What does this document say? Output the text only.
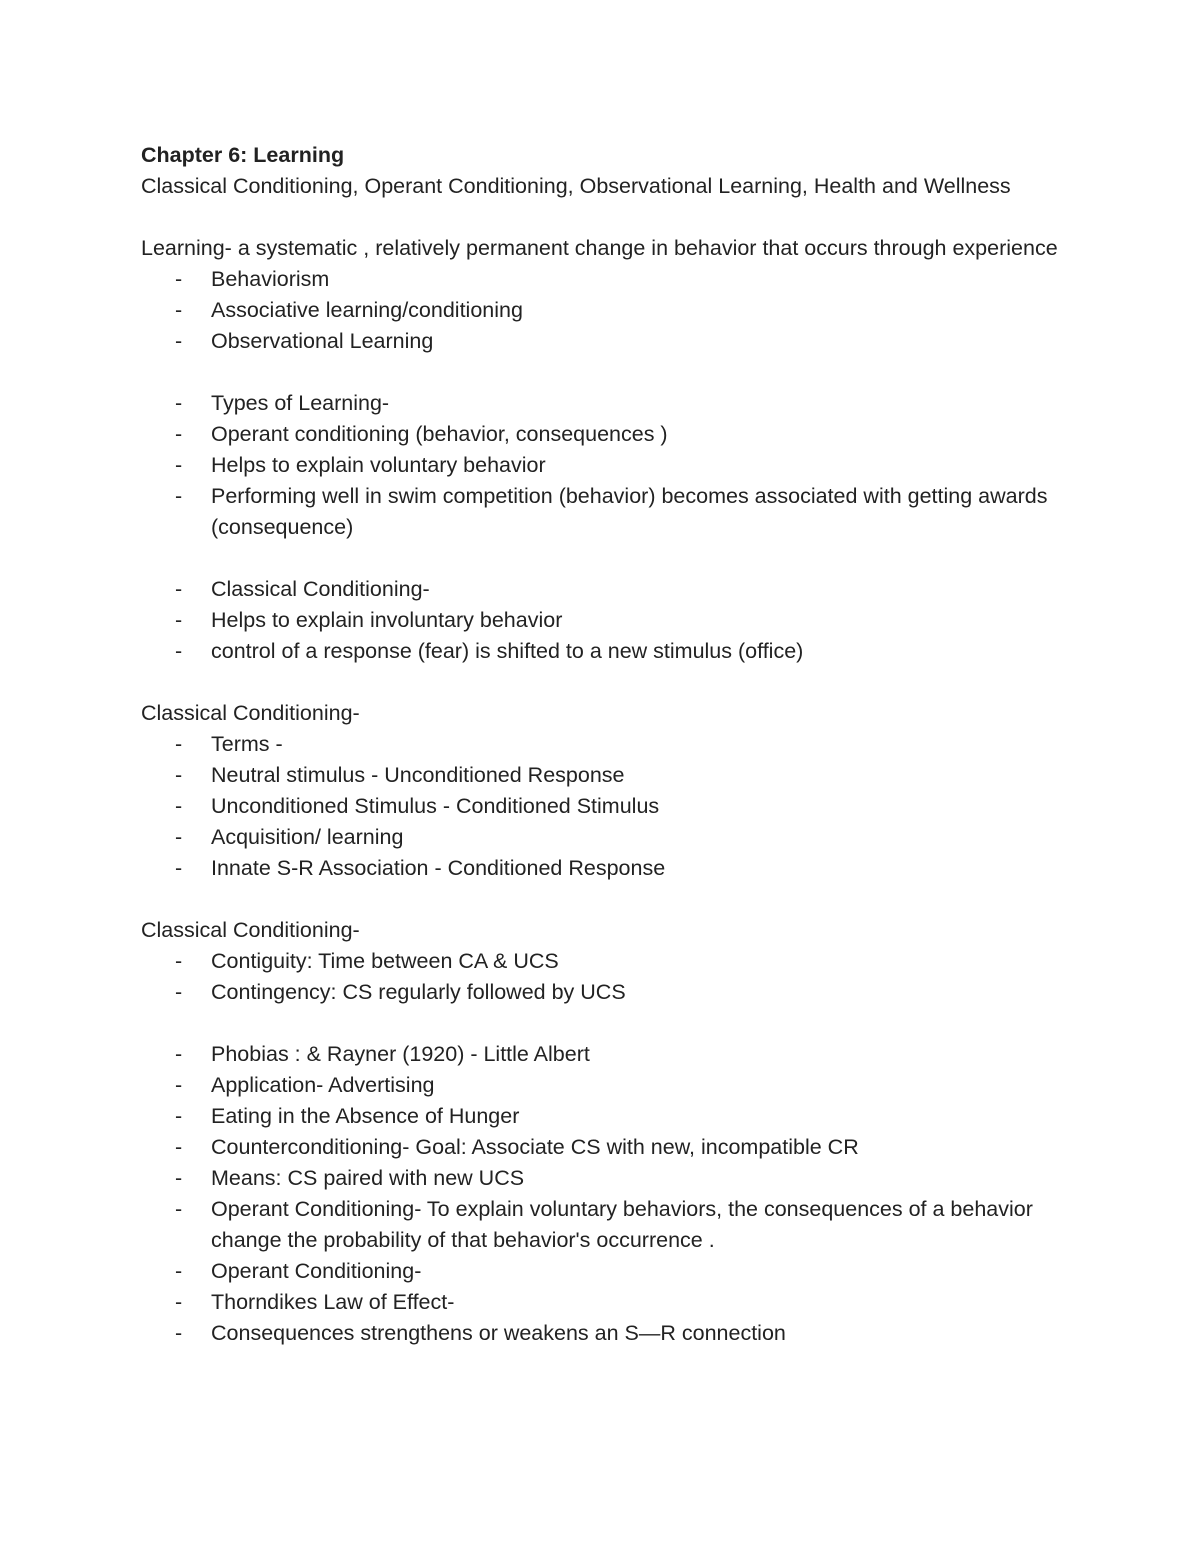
Chapter 6: Learning

Classical Conditioning, Operant Conditioning, Observational Learning, Health and Wellness

Learning- a systematic , relatively permanent change in behavior that occurs through experience

- Behaviorism
- Associative learning/conditioning
- Observational Learning
- Types of Learning-
- Operant conditioning (behavior, consequences )
- Helps to explain voluntary behavior
- Performing well in swim competition (behavior) becomes associated with getting awards (consequence)
- Classical Conditioning-
- Helps to explain involuntary behavior
- control of a response (fear) is shifted to a new stimulus (office)

Classical Conditioning-

- Terms -
- Neutral stimulus - Unconditioned Response
- Unconditioned Stimulus - Conditioned Stimulus
- Acquisition/ learning
- Innate S-R Association - Conditioned Response

Classical Conditioning-

- Contiguity: Time between CA & UCS
- Contingency: CS regularly followed by UCS
- Phobias : & Rayner (1920) - Little Albert
- Application- Advertising
- Eating in the Absence of Hunger
- Counterconditioning- Goal: Associate CS with new, incompatible CR
- Means: CS paired with new UCS
- Operant Conditioning- To explain voluntary behaviors, the consequences of a behavior change the probability of that behavior's occurrence .
- Operant Conditioning-
- Thorndikes Law of Effect-
- Consequences strengthens or weakens an S—R connection
